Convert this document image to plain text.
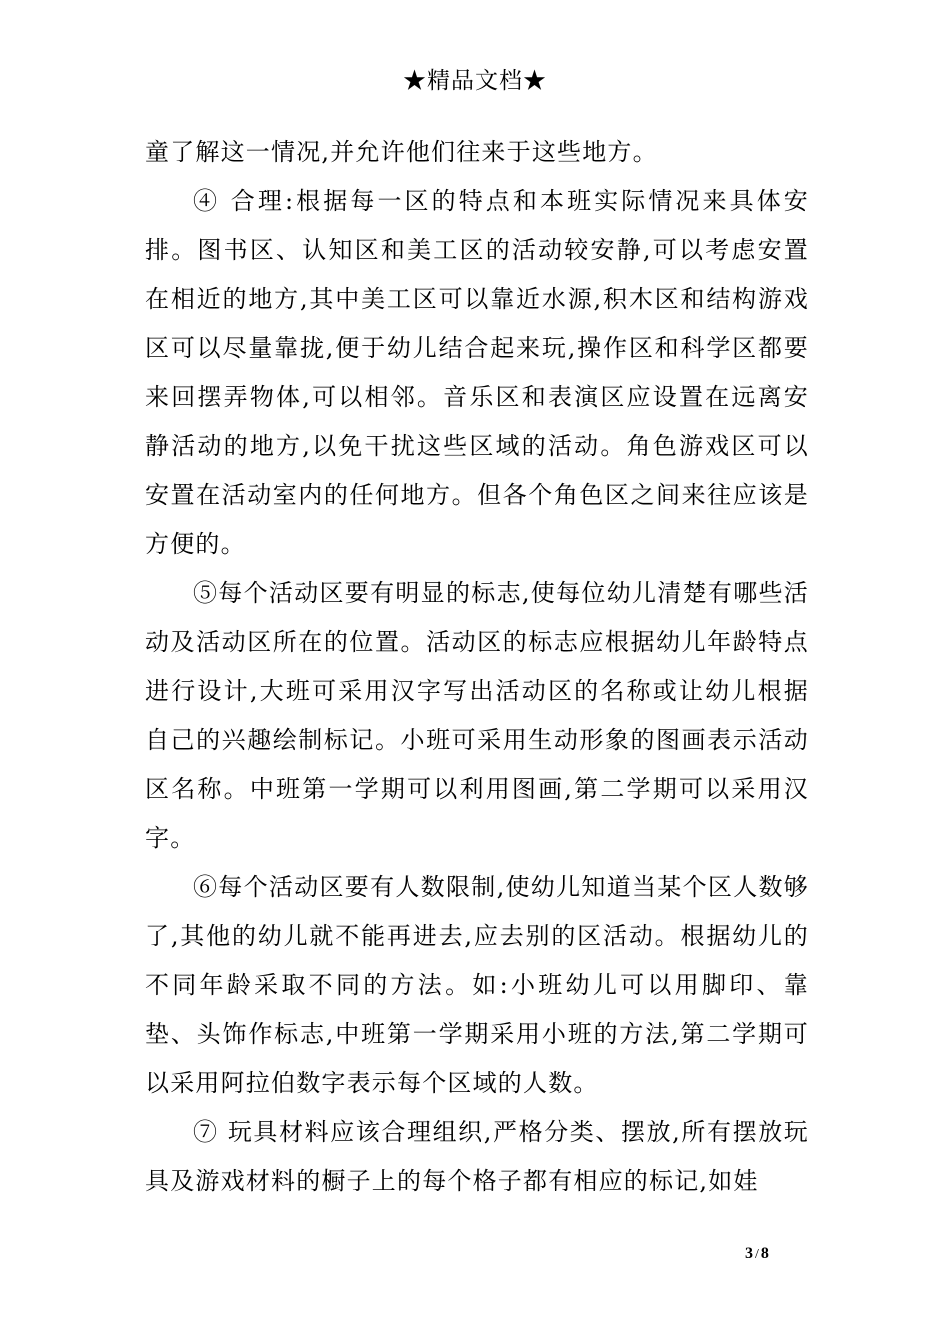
★精品文档★

童了解这一情况,并允许他们往来于这些地方。

④ 合理:根据每一区的特点和本班实际情况来具体安排。图书区、认知区和美工区的活动较安静,可以考虑安置在相近的地方,其中美工区可以靠近水源,积木区和结构游戏区可以尽量靠拢,便于幼儿结合起来玩,操作区和科学区都要来回摆弄物体,可以相邻。音乐区和表演区应设置在远离安静活动的地方,以免干扰这些区域的活动。角色游戏区可以安置在活动室内的任何地方。但各个角色区之间来往应该是方便的。

⑤每个活动区要有明显的标志,使每位幼儿清楚有哪些活动及活动区所在的位置。活动区的标志应根据幼儿年龄特点进行设计,大班可采用汉字写出活动区的名称或让幼儿根据自己的兴趣绘制标记。小班可采用生动形象的图画表示活动区名称。中班第一学期可以利用图画,第二学期可以采用汉字。

⑥每个活动区要有人数限制,使幼儿知道当某个区人数够了,其他的幼儿就不能再进去,应去别的区活动。根据幼儿的不同年龄采取不同的方法。如:小班幼儿可以用脚印、靠垫、头饰作标志,中班第一学期采用小班的方法,第二学期可以采用阿拉伯数字表示每个区域的人数。

⑦ 玩具材料应该合理组织,严格分类、摆放,所有摆放玩具及游戏材料的橱子上的每个格子都有相应的标记,如娃

3 / 8
